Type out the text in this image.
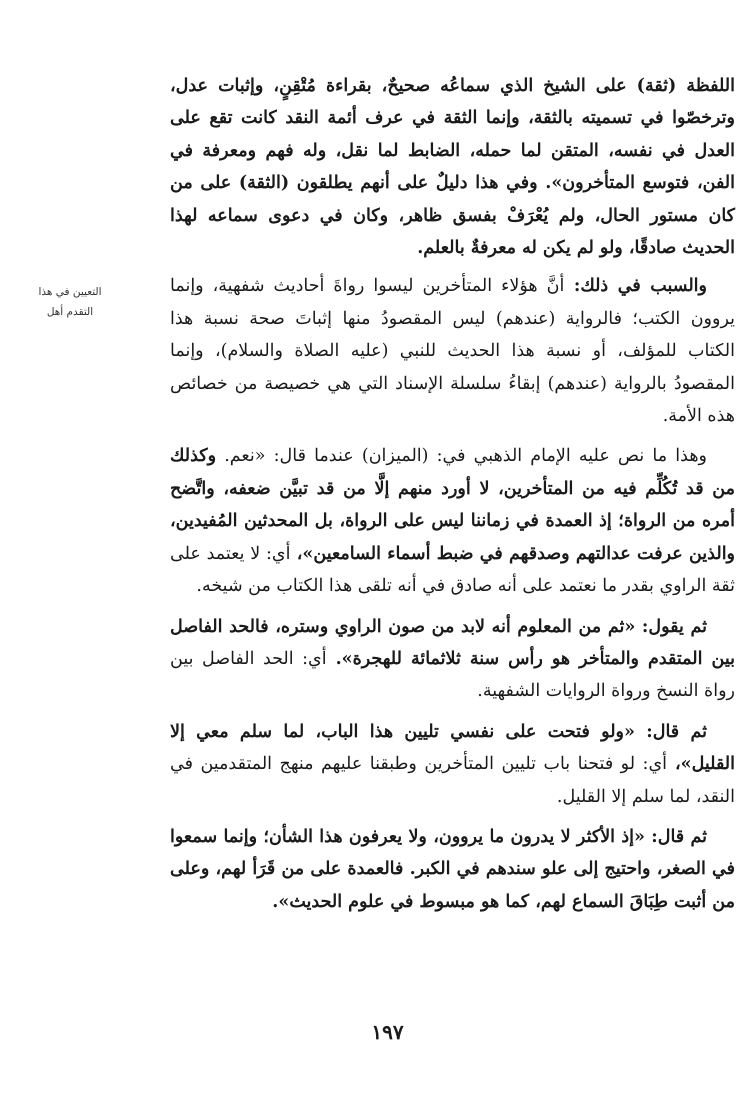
التعيين في هذا
التقدم أهل

اللفظة (ثقة) على الشيخ الذي سماعُه صحيحٌ، بقراءة مُتْقِنٍ، وإثبات عدل، وترخصّوا في تسميته بالثقة، وإنما الثقة في عرف أئمة النقد كانت تقع على العدل في نفسه، المتقن لما حمله، الضابط لما نقل، وله فهم ومعرفة في الفن، فتوسع المتأخرون». وفي هذا دليلٌ على أنهم يطلقون (الثقة) على من كان مستور الحال، ولم يُعْرَفْ بفسق ظاهر، وكان في دعوى سماعه لهذا الحديث صادقًا، ولو لم يكن له معرفةٌ بالعلم.

والسبب في ذلك: أنَّ هؤلاء المتأخرين ليسوا رواةَ أحاديث شفهية، وإنما يروون الكتب؛ فالرواية (عندهم) ليس المقصودُ منها إثباتَ صحة نسبة هذا الكتاب للمؤلف، أو نسبة هذا الحديث للنبي (عليه الصلاة والسلام)، وإنما المقصودُ بالرواية (عندهم) إبقاءُ سلسلة الإسناد التي هي خصيصة من خصائص هذه الأمة.

وهذا ما نص عليه الإمام الذهبي في: (الميزان) عندما قال: «نعم. وكذلك من قد تُكُلِّم فيه من المتأخرين، لا أورد منهم إلَّا من قد تبيَّن ضعفه، واتَّضح أمره من الرواة؛ إذ العمدة في زماننا ليس على الرواة، بل المحدثين المُفيدين، والذين عرفت عدالتهم وصدقهم في ضبط أسماء السامعين»، أي: لا يعتمد على ثقة الراوي بقدر ما نعتمد على أنه صادق في أنه تلقى هذا الكتاب من شيخه.

ثم يقول: «ثم من المعلوم أنه لابد من صون الراوي وستره، فالحد الفاصل بين المتقدم والمتأخر هو رأس سنة ثلاثمائة للهجرة». أي: الحد الفاصل بين رواة النسخ ورواة الروايات الشفهية.

ثم قال: «ولو فتحت على نفسي تليين هذا الباب، لما سلم معي إلا القليل»، أي: لو فتحنا باب تليين المتأخرين وطبقنا عليهم منهج المتقدمين في النقد، لما سلم إلا القليل.

ثم قال: «إذ الأكثر لا يدرون ما يروون، ولا يعرفون هذا الشأن؛ وإنما سمعوا في الصغر، واحتيج إلى علو سندهم في الكبر. فالعمدة على من قَرَأ لهم، وعلى من أثبت طِبَاقَ السماع لهم، كما هو مبسوط في علوم الحديث».

١٩٧
